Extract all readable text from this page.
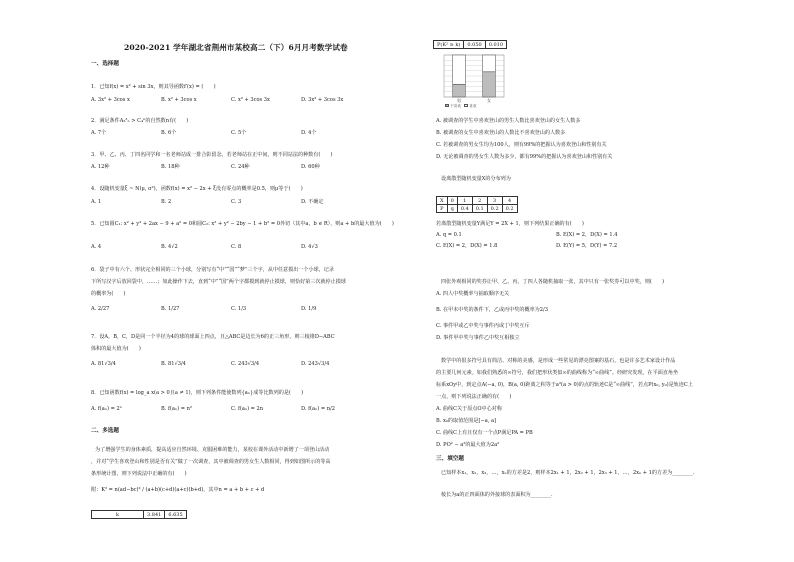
2020-2021 学年湖北省荆州市某校高二（下）6月月考数学试卷
一、选择题
1．已知f(x) = x² + sin 3x，则其导函数f′(x) = (　　)
A. 3x² + 3cos x	B. x² + 3cos x	C. x² + 3cos 3x	D. 3x² + 3cos 3x
2．满足条件A₃²ₙ > C₄ⁿ的自然数n有(　　)
A. 7个	B. 6个	C. 5个	D. 4个
3．甲、乙、丙、丁四名同学和一名老师站成一排合影留念，若老师站在正中间，则不同站法的种数有(　　)
A. 12种	B. 18种	C. 24种	D. 60种
4．设随机变量ξ ~ N(μ, σ²)，函数f(x) = x² − 2x + ξ没有零点的概率是0.5，则μ等于(　　)
A. 1	B. 2	C. 3	D. 不确定
5．已知圆C₁: x² + y² + 2ax − 9 + a² = 0和圆C₂: x² + y² − 2by − 1 + b² = 0外切（其中a，b ∈ R），则a + b的最大值为(　　)
A. 4	B. 4√2	C. 8	D. 4√3
6．袋子中有六个、形状完全相同的三个小球，分别写有“中”“国”“梦”三个字，从中任意摸出一个小球，记录
下所写汉字后放回袋中，……；如此操作下去，直到“中”“国”两个字都摸到就停止摸球，则恰好第三次就停止摸球
的概率为(　　)
A. 2/27	B. 1/27	C. 1/3	D. 1/9
7．设A，B，C，D是同一个半径为4的球的球面上四点，且△ABC是边长为6的正三角形，则三棱锥D−ABC
体积的最大值为(　　)
A. 81√3/4	B. 81√3/4	C. 243√3/4	D. 243√3/4
8．已知函数f(x) = log_a x(a > 0且a ≠ 1)，则下列条件能使数列{aₙ}成等比数列的是(　　)
A. f(aₙ) = 2ⁿ	B. f(aₙ) = n²	C. f(aₙ) = 2n	D. f(aₙ) = n/2
二、多选题
为了增强学生的身体素质，提高适应自然环境、克服困难的能力，某校在课外活动中新增了一项登山活动
，并对“学生喜欢登山和性别是否有关”做了一次调查，其中被调查的男女生人数相同，得到如图所示的等高
条形统计图，则下列说法中正确的有(　　)
附：K² = n(ad−bc)² / (a+b)(c+d)(a+c)(b+d)，其中n = a + b + c + d
k	3.841	6.635
P(K² ≥ k)	0.050	0.010
男	女
不喜欢 喜欢
A. 被调查的学生中喜欢登山的男生人数比喜欢登山的女生人数多
B. 被调查的女生中喜欢登山的人数比不喜欢登山的人数多
C. 若被调查的男女生均为100人，则有99%的把握认为喜欢登山和性别有关
D. 无论被调查的男女生人数为多少，都有99%的把握认为喜欢登山和性别有关
设离散型随机变量X的分布列为
X	0	1	2	3	4
P	q	0.4	0.1	0.2	0.2
若离散型随机变量Y满足Y = 2X + 1，则下列结果正确的有(　　)
A. q = 0.1	B. E(X) = 2，D(X) = 1.4
C. E(X) = 2，D(X) = 1.8	D. E(Y) = 5，D(Y) = 7.2
四张外观相同的奖券让甲、乙、丙、丁四人各随机抽取一张，其中只有一张奖券可以中奖，则(　　)
A. 四人中奖概率与抽取顺序无关
B. 在甲未中奖的条件下，乙或丙中奖的概率为2/3
C. 事件甲或乙中奖与事件丙或丁中奖互斥
D. 事件甲中奖与事件乙中奖互相独立
数学中的很多符号具有简洁、对称的美感，是形成一些常见的漂亮图案的基石，也是许多艺术家设计作品
的主要几何元素。如我们熟悉的∞符号，我们把形状类似∞的曲线称为“∞曲线”。经研究发现，在平面直角坐
标系xOy中，到定点A(−a, 0)，B(a, 0)距离之积等于a²(a > 0)的点的轨迹C是“∞曲线”，若点P(x₀, y₀)是轨迹C上
一点，则下列说法正确的有(　　)
A. 曲线C关于原点O中心对称
B. x₀的取值范围是[−a, a]
C. 曲线C上有且仅有一个点P满足PA = PB
D. PO² − a²的最大值为2a²
三、填空题
已知样本x₁，x₂，x₃，…，xₙ的方差是2，则样本2x₁ + 1，2x₂ + 1，2x₃ + 1，…，2xₙ + 1的方差为________.
棱长为a的正四面体的外接球的表面积为________.
